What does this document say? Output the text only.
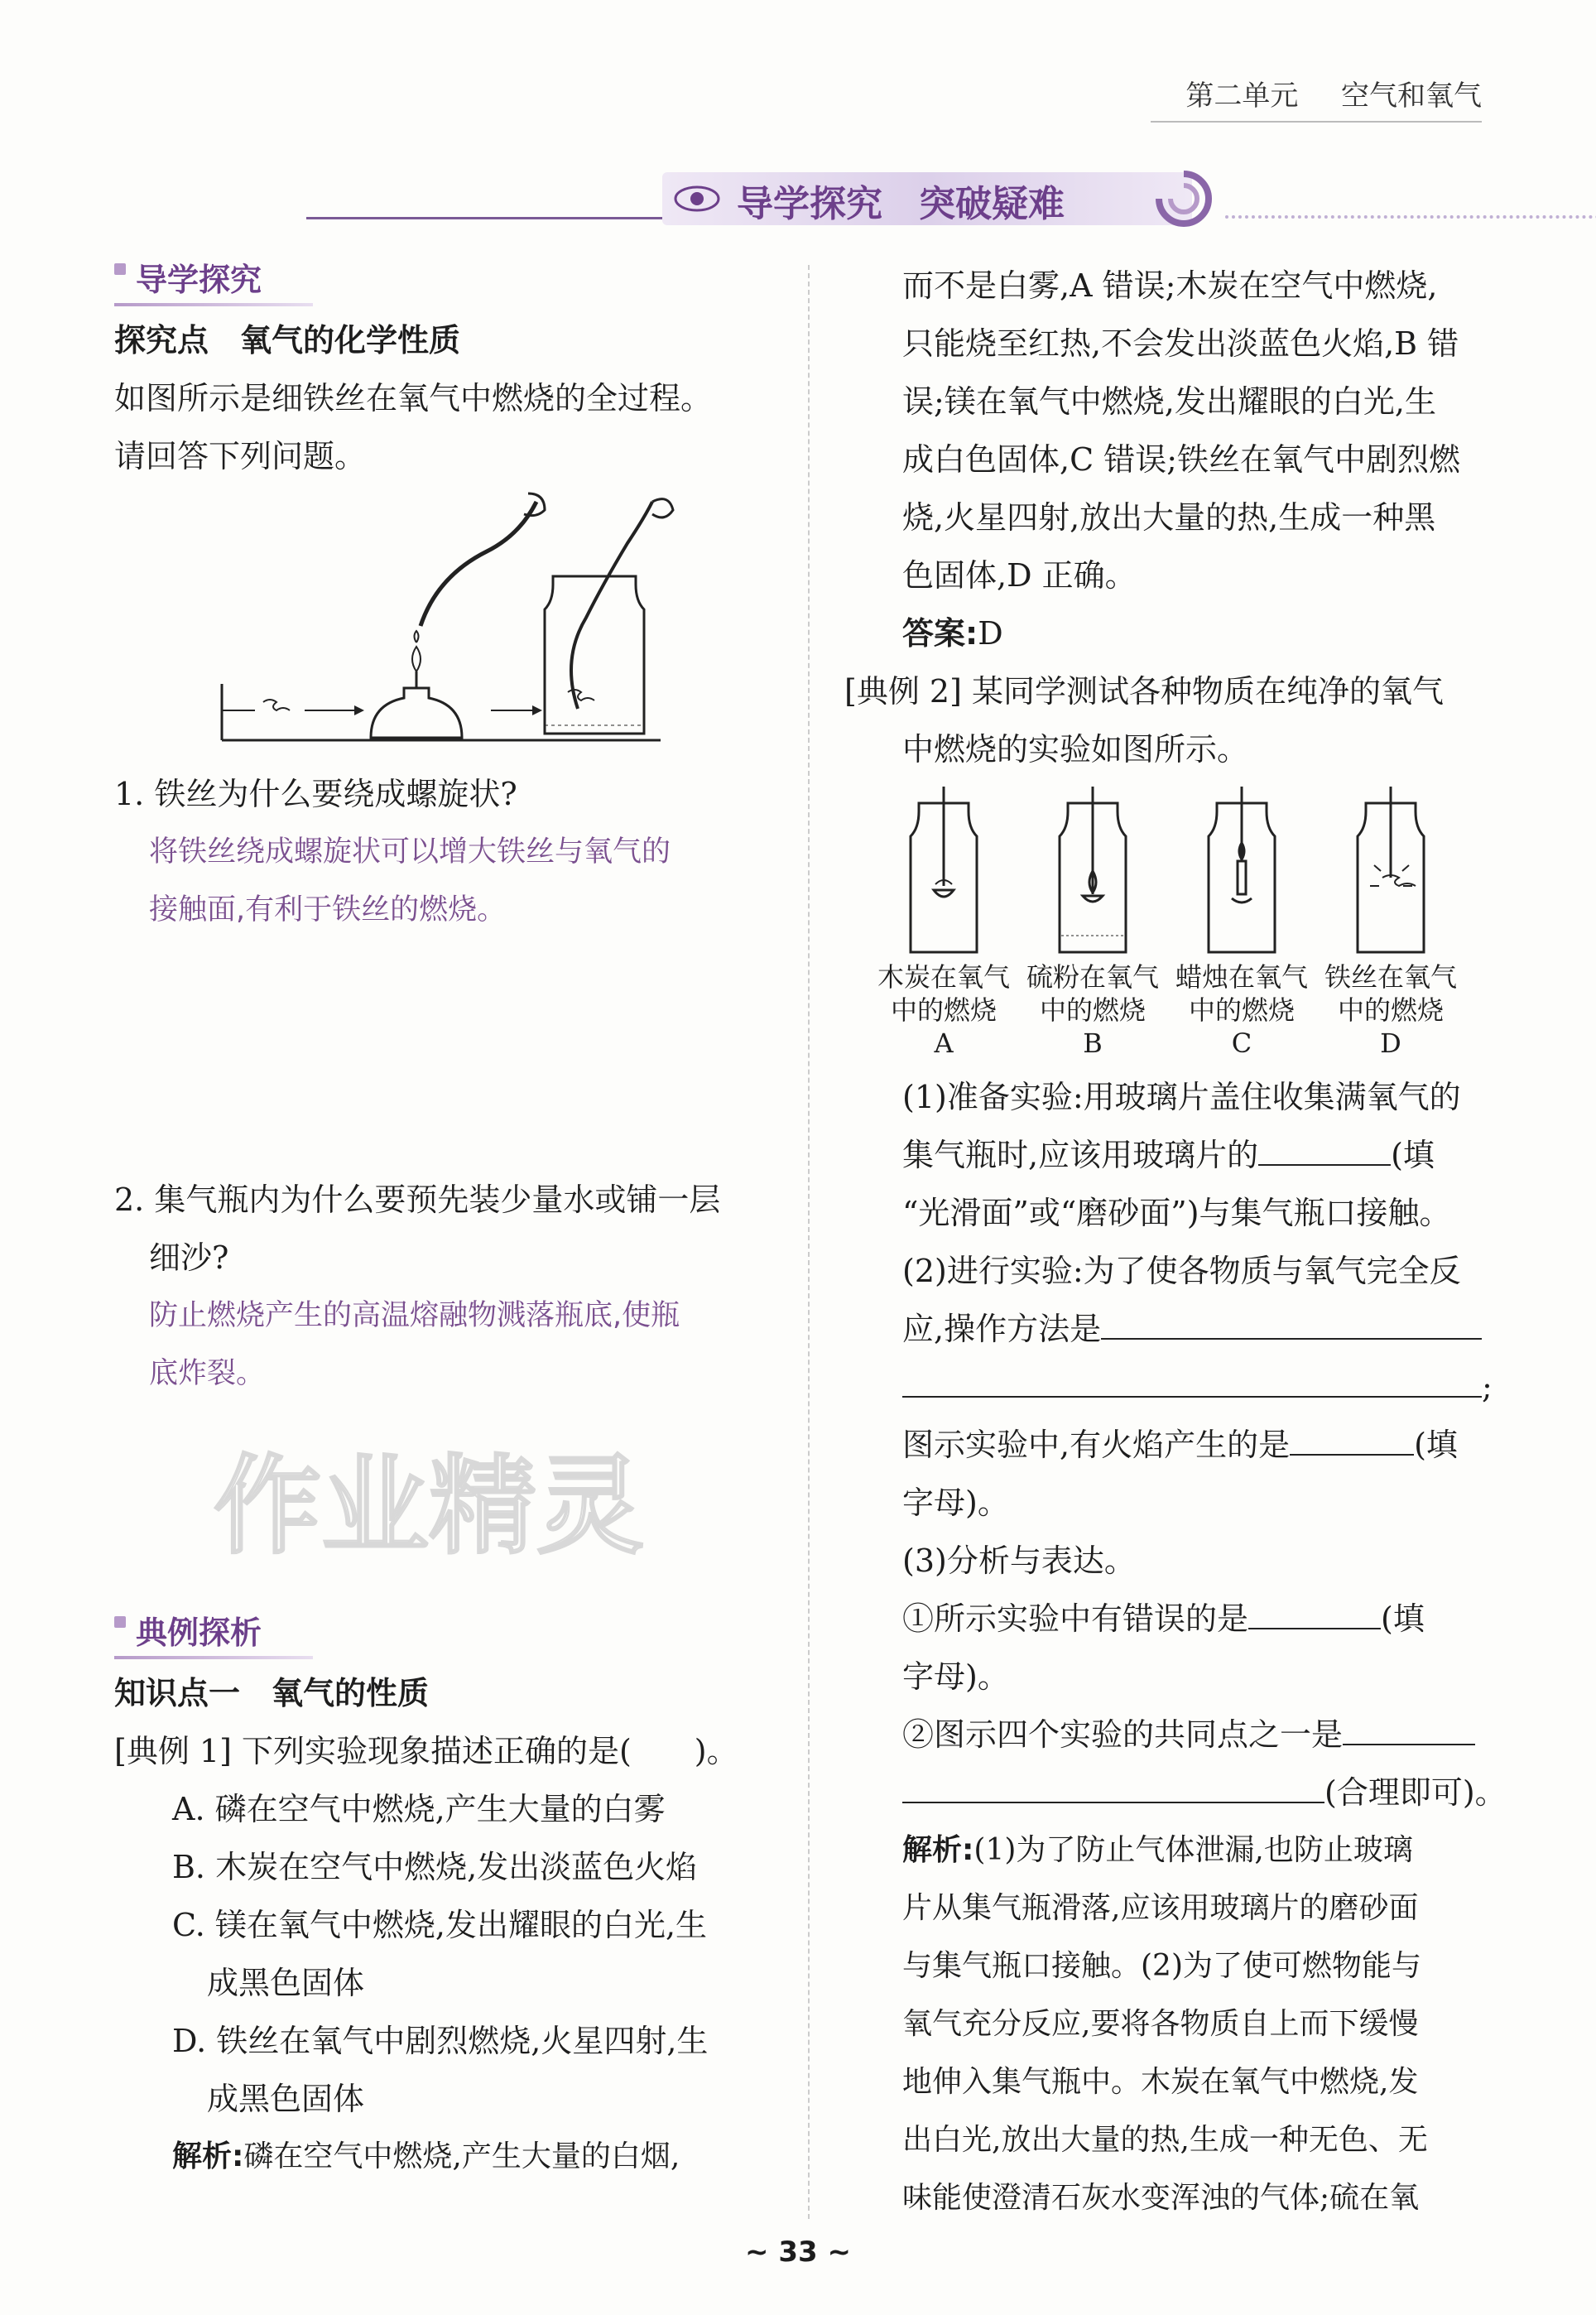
第二单元 空气和氧气
导学探究　突破疑难
导学探究
探究点　氧气的化学性质
如图所示是细铁丝在氧气中燃烧的全过程。
请回答下列问题。
1. 铁丝为什么要绕成螺旋状?
将铁丝绕成螺旋状可以增大铁丝与氧气的
接触面,有利于铁丝的燃烧。
2. 集气瓶内为什么要预先装少量水或铺一层
细沙?
防止燃烧产生的高温熔融物溅落瓶底,使瓶
底炸裂。
作业精灵
典例探析
知识点一　氧气的性质
[典例 1] 下列实验现象描述正确的是(　　)。
A. 磷在空气中燃烧,产生大量的白雾
B. 木炭在空气中燃烧,发出淡蓝色火焰
C. 镁在氧气中燃烧,发出耀眼的白光,生
成黑色固体
D. 铁丝在氧气中剧烈燃烧,火星四射,生
成黑色固体
解析:磷在空气中燃烧,产生大量的白烟,
而不是白雾,A 错误;木炭在空气中燃烧,
只能烧至红热,不会发出淡蓝色火焰,B 错
误;镁在氧气中燃烧,发出耀眼的白光,生
成白色固体,C 错误;铁丝在氧气中剧烈燃
烧,火星四射,放出大量的热,生成一种黑
色固体,D 正确。
答案:D
[典例 2] 某同学测试各种物质在纯净的氧气
中燃烧的实验如图所示。
木炭在氧气
中的燃烧
A
硫粉在氧气
中的燃烧
B
蜡烛在氧气
中的燃烧
C
铁丝在氧气
中的燃烧
D
(1)准备实验:用玻璃片盖住收集满氧气的
集气瓶时,应该用玻璃片的	(填
“光滑面”或“磨砂面”)与集气瓶口接触。
(2)进行实验:为了使各物质与氧气完全反
应,操作方法是
;
图示实验中,有火焰产生的是	(填
字母)。
(3)分析与表达。
①所示实验中有错误的是	(填
字母)。
②图示四个实验的共同点之一是
(合理即可)。
解析:(1)为了防止气体泄漏,也防止玻璃
片从集气瓶滑落,应该用玻璃片的磨砂面
与集气瓶口接触。(2)为了使可燃物能与
氧气充分反应,要将各物质自上而下缓慢
地伸入集气瓶中。木炭在氧气中燃烧,发
出白光,放出大量的热,生成一种无色、无
味能使澄清石灰水变浑浊的气体;硫在氧
~ 33 ~
